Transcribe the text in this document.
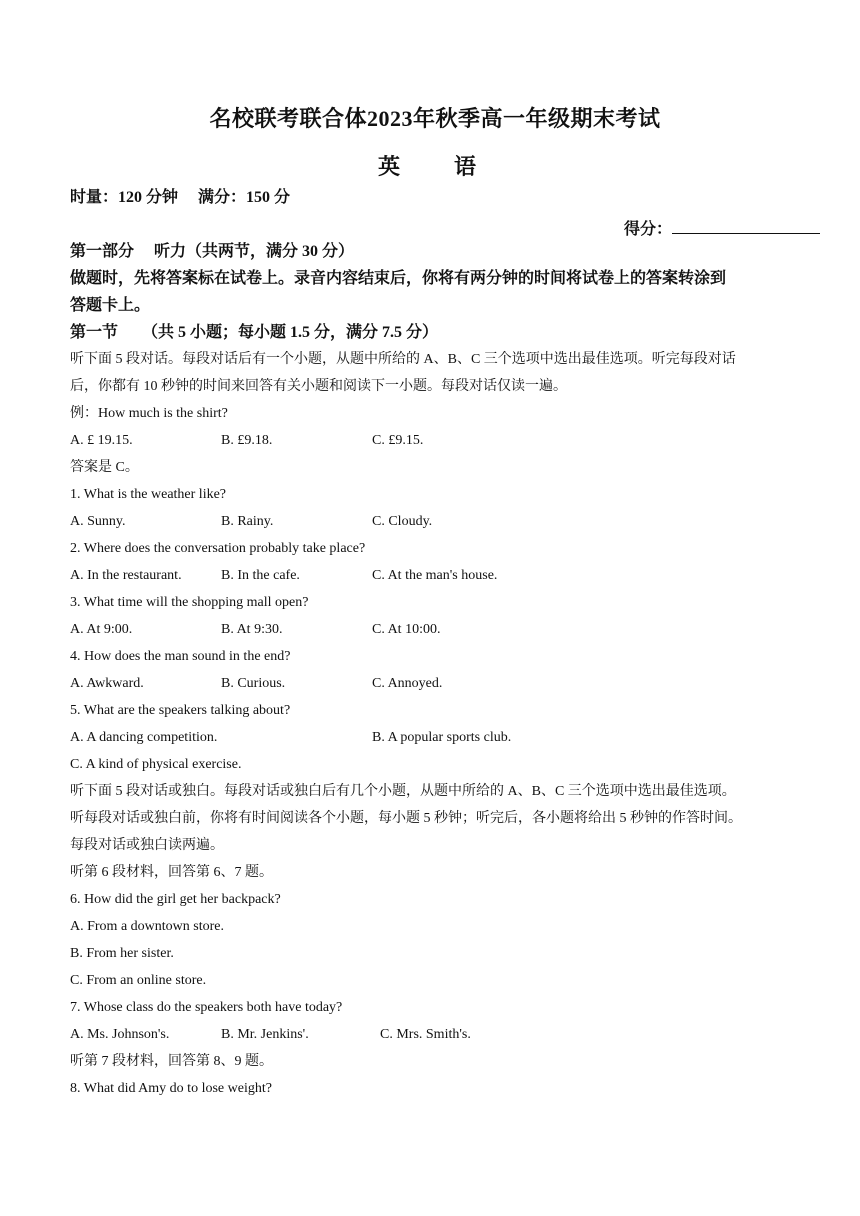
名校联考联合体2023年秋季高一年级期末考试
英　语
时量：120 分钟　 满分：150 分
得分：
第一部分　 听力（共两节，满分 30 分）
做题时，先将答案标在试卷上。录音内容结束后，你将有两分钟的时间将试卷上的答案转涂到
答题卡上。
第一节　　（共 5 小题；每小题 1.5 分，满分 7.5 分）
听下面 5 段对话。每段对话后有一个小题，从题中所给的 A、B、C 三个选项中选出最佳选项。听完每段对话
后，你都有 10 秒钟的时间来回答有关小题和阅读下一小题。每段对话仅读一遍。
例：How much is the shirt?
A. £ 19.15.	B. £9.18.	C. £9.15.
答案是 C。
1. What is the weather like?
A. Sunny.	B. Rainy.	C. Cloudy.
2. Where does the conversation probably take place?
A. In the restaurant.	B. In the cafe.	C. At the man's house.
3. What time will the shopping mall open?
A. At 9:00.	B. At 9:30.	C. At 10:00.
4. How does the man sound in the end?
A. Awkward.	B. Curious.	C. Annoyed.
5. What are the speakers talking about?
A. A dancing competition.	B. A popular sports club.
C. A kind of physical exercise.
听下面 5 段对话或独白。每段对话或独白后有几个小题，从题中所给的 A、B、C 三个选项中选出最佳选项。
听每段对话或独白前，你将有时间阅读各个小题，每小题 5 秒钟；听完后，各小题将给出 5 秒钟的作答时间。
每段对话或独白读两遍。
听第 6 段材料，回答第 6、7 题。
6. How did the girl get her backpack?
A. From a downtown store.
B. From her sister.
C. From an online store.
7. Whose class do the speakers both have today?
A. Ms. Johnson's.	B. Mr. Jenkins'.	C. Mrs. Smith's.
听第 7 段材料，回答第 8、9 题。
8. What did Amy do to lose weight?
